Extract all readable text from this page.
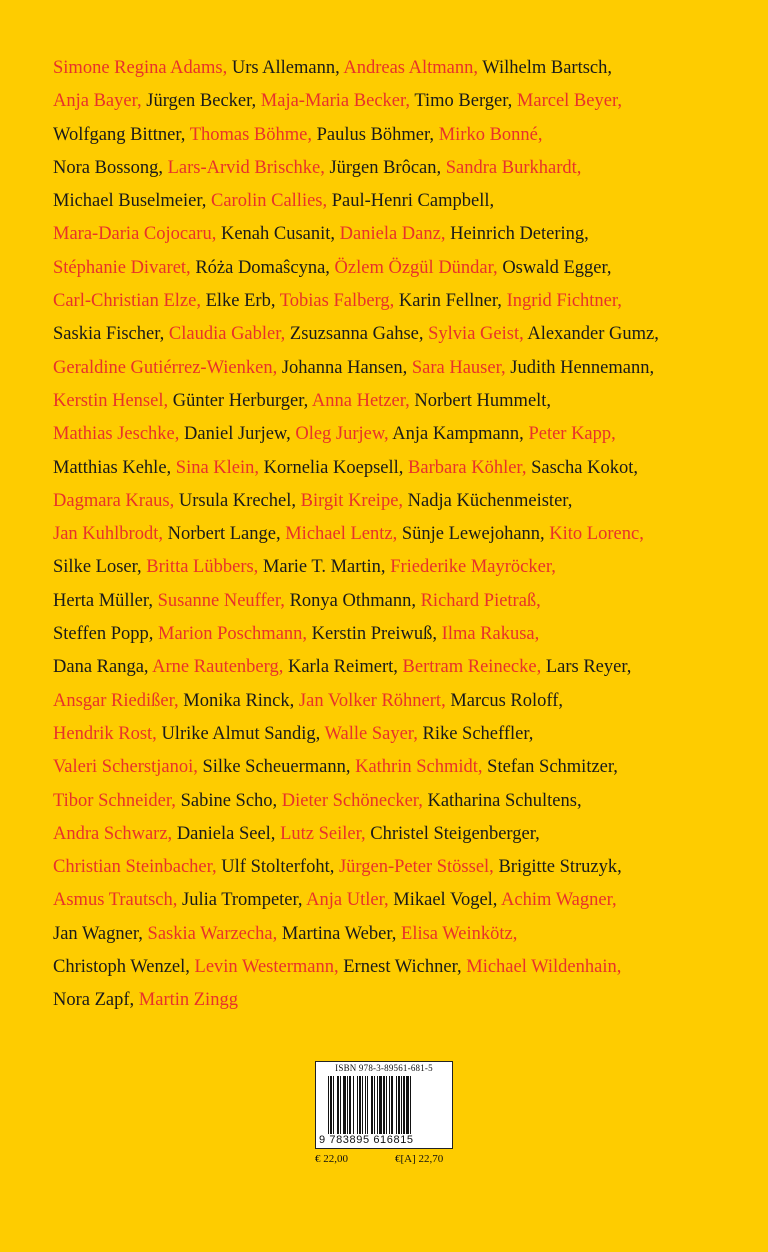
Simone Regina Adams, Urs Allemann, Andreas Altmann, Wilhelm Bartsch,
Anja Bayer, Jürgen Becker, Maja-Maria Becker, Timo Berger, Marcel Beyer,
Wolfgang Bittner, Thomas Böhme, Paulus Böhmer, Mirko Bonné,
Nora Bossong, Lars-Arvid Brischke, Jürgen Brôcan, Sandra Burkhardt,
Michael Buselmeier, Carolin Callies, Paul-Henri Campbell,
Mara-Daria Cojocaru, Kenah Cusanit, Daniela Danz, Heinrich Detering,
Stéphanie Divaret, Róża Domaŝcyna, Özlem Özgül Dündar, Oswald Egger,
Carl-Christian Elze, Elke Erb, Tobias Falberg, Karin Fellner, Ingrid Fichtner,
Saskia Fischer, Claudia Gabler, Zsuzsanna Gahse, Sylvia Geist, Alexander Gumz,
Geraldine Gutiérrez-Wienken, Johanna Hansen, Sara Hauser, Judith Hennemann,
Kerstin Hensel, Günter Herburger, Anna Hetzer, Norbert Hummelt,
Mathias Jeschke, Daniel Jurjew, Oleg Jurjew, Anja Kampmann, Peter Kapp,
Matthias Kehle, Sina Klein, Kornelia Koepsell, Barbara Köhler, Sascha Kokot,
Dagmara Kraus, Ursula Krechel, Birgit Kreipe, Nadja Küchenmeister,
Jan Kuhlbrodt, Norbert Lange, Michael Lentz, Sünje Lewejohann, Kito Lorenc,
Silke Loser, Britta Lübbers, Marie T. Martin, Friederike Mayröcker,
Herta Müller, Susanne Neuffer, Ronya Othmann, Richard Pietraß,
Steffen Popp, Marion Poschmann, Kerstin Preiwuß, Ilma Rakusa,
Dana Ranga, Arne Rautenberg, Karla Reimert, Bertram Reinecke, Lars Reyer,
Ansgar Riedißer, Monika Rinck, Jan Volker Röhnert, Marcus Roloff,
Hendrik Rost, Ulrike Almut Sandig, Walle Sayer, Rike Scheffler,
Valeri Scherstjanoi, Silke Scheuermann, Kathrin Schmidt, Stefan Schmitzer,
Tibor Schneider, Sabine Scho, Dieter Schönecker, Katharina Schultens,
Andra Schwarz, Daniela Seel, Lutz Seiler, Christel Steigenberger,
Christian Steinbacher, Ulf Stolterfoht, Jürgen-Peter Stössel, Brigitte Struzyk,
Asmus Trautsch, Julia Trompeter, Anja Utler, Mikael Vogel, Achim Wagner,
Jan Wagner, Saskia Warzecha, Martina Weber, Elisa Weinkötz,
Christoph Wenzel, Levin Westermann, Ernest Wichner, Michael Wildenhain,
Nora Zapf, Martin Zingg
ISBN 978-3-89561-681-5
9 783895 616815
€ 22,00	€[A] 22,70
